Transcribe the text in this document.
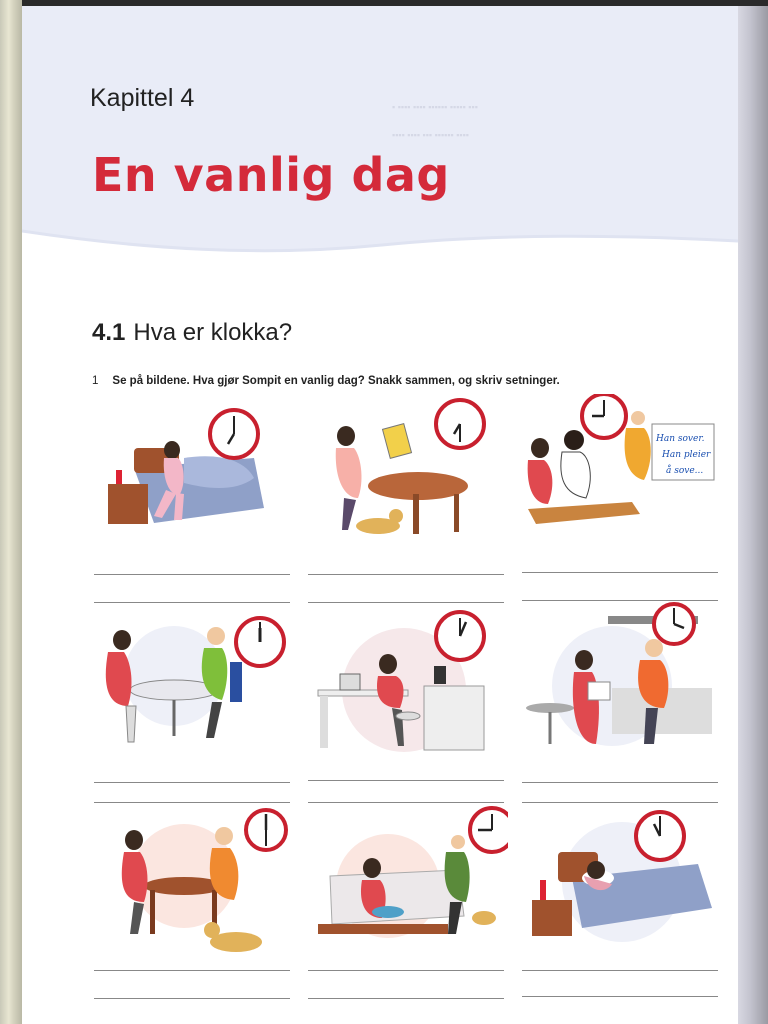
▪ ▪▪▪▪ ▪▪▪▪ ▪▪▪▪▪▪ ▪▪▪▪▪ ▪▪▪
▪▪▪▪ ▪▪▪▪ ▪▪▪ ▪▪▪▪▪▪ ▪▪▪▪
Kapittel 4
En vanlig dag
4.1 Hva er klokka?
1 Se på bildene. Hva gjør Sompit en vanlig dag? Snakk sammen, og skriv setninger.
Han sover.
Han pleier
å sove...
